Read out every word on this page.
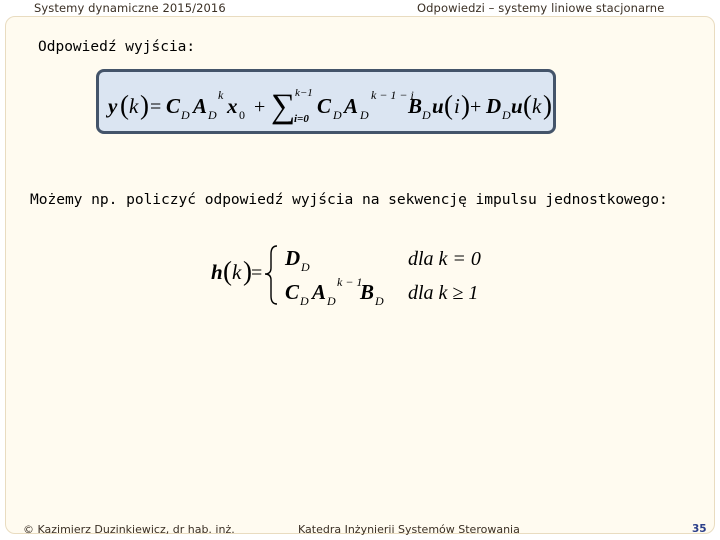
Systemy dynamiczne 2015/2016	Odpowiedzi – systemy liniowe stacjonarne
Odpowiedź wyjścia:
y ( k ) = C D A D
k x 0 + ∑ k−1
i=0
C D A D
k − 1 − i
B D u ( i ) + D D u ( k )
Możemy np. policzyć odpowiedź wyjścia na sekwencję impulsu jednostkowego:
h ( k ) =
D D	dla k = 0
C D A D
k − 1
B D dla k ≥ 1
© Kazimierz Duzinkiewicz, dr hab. inż.	Katedra Inżynierii Systemów Sterowania	35
